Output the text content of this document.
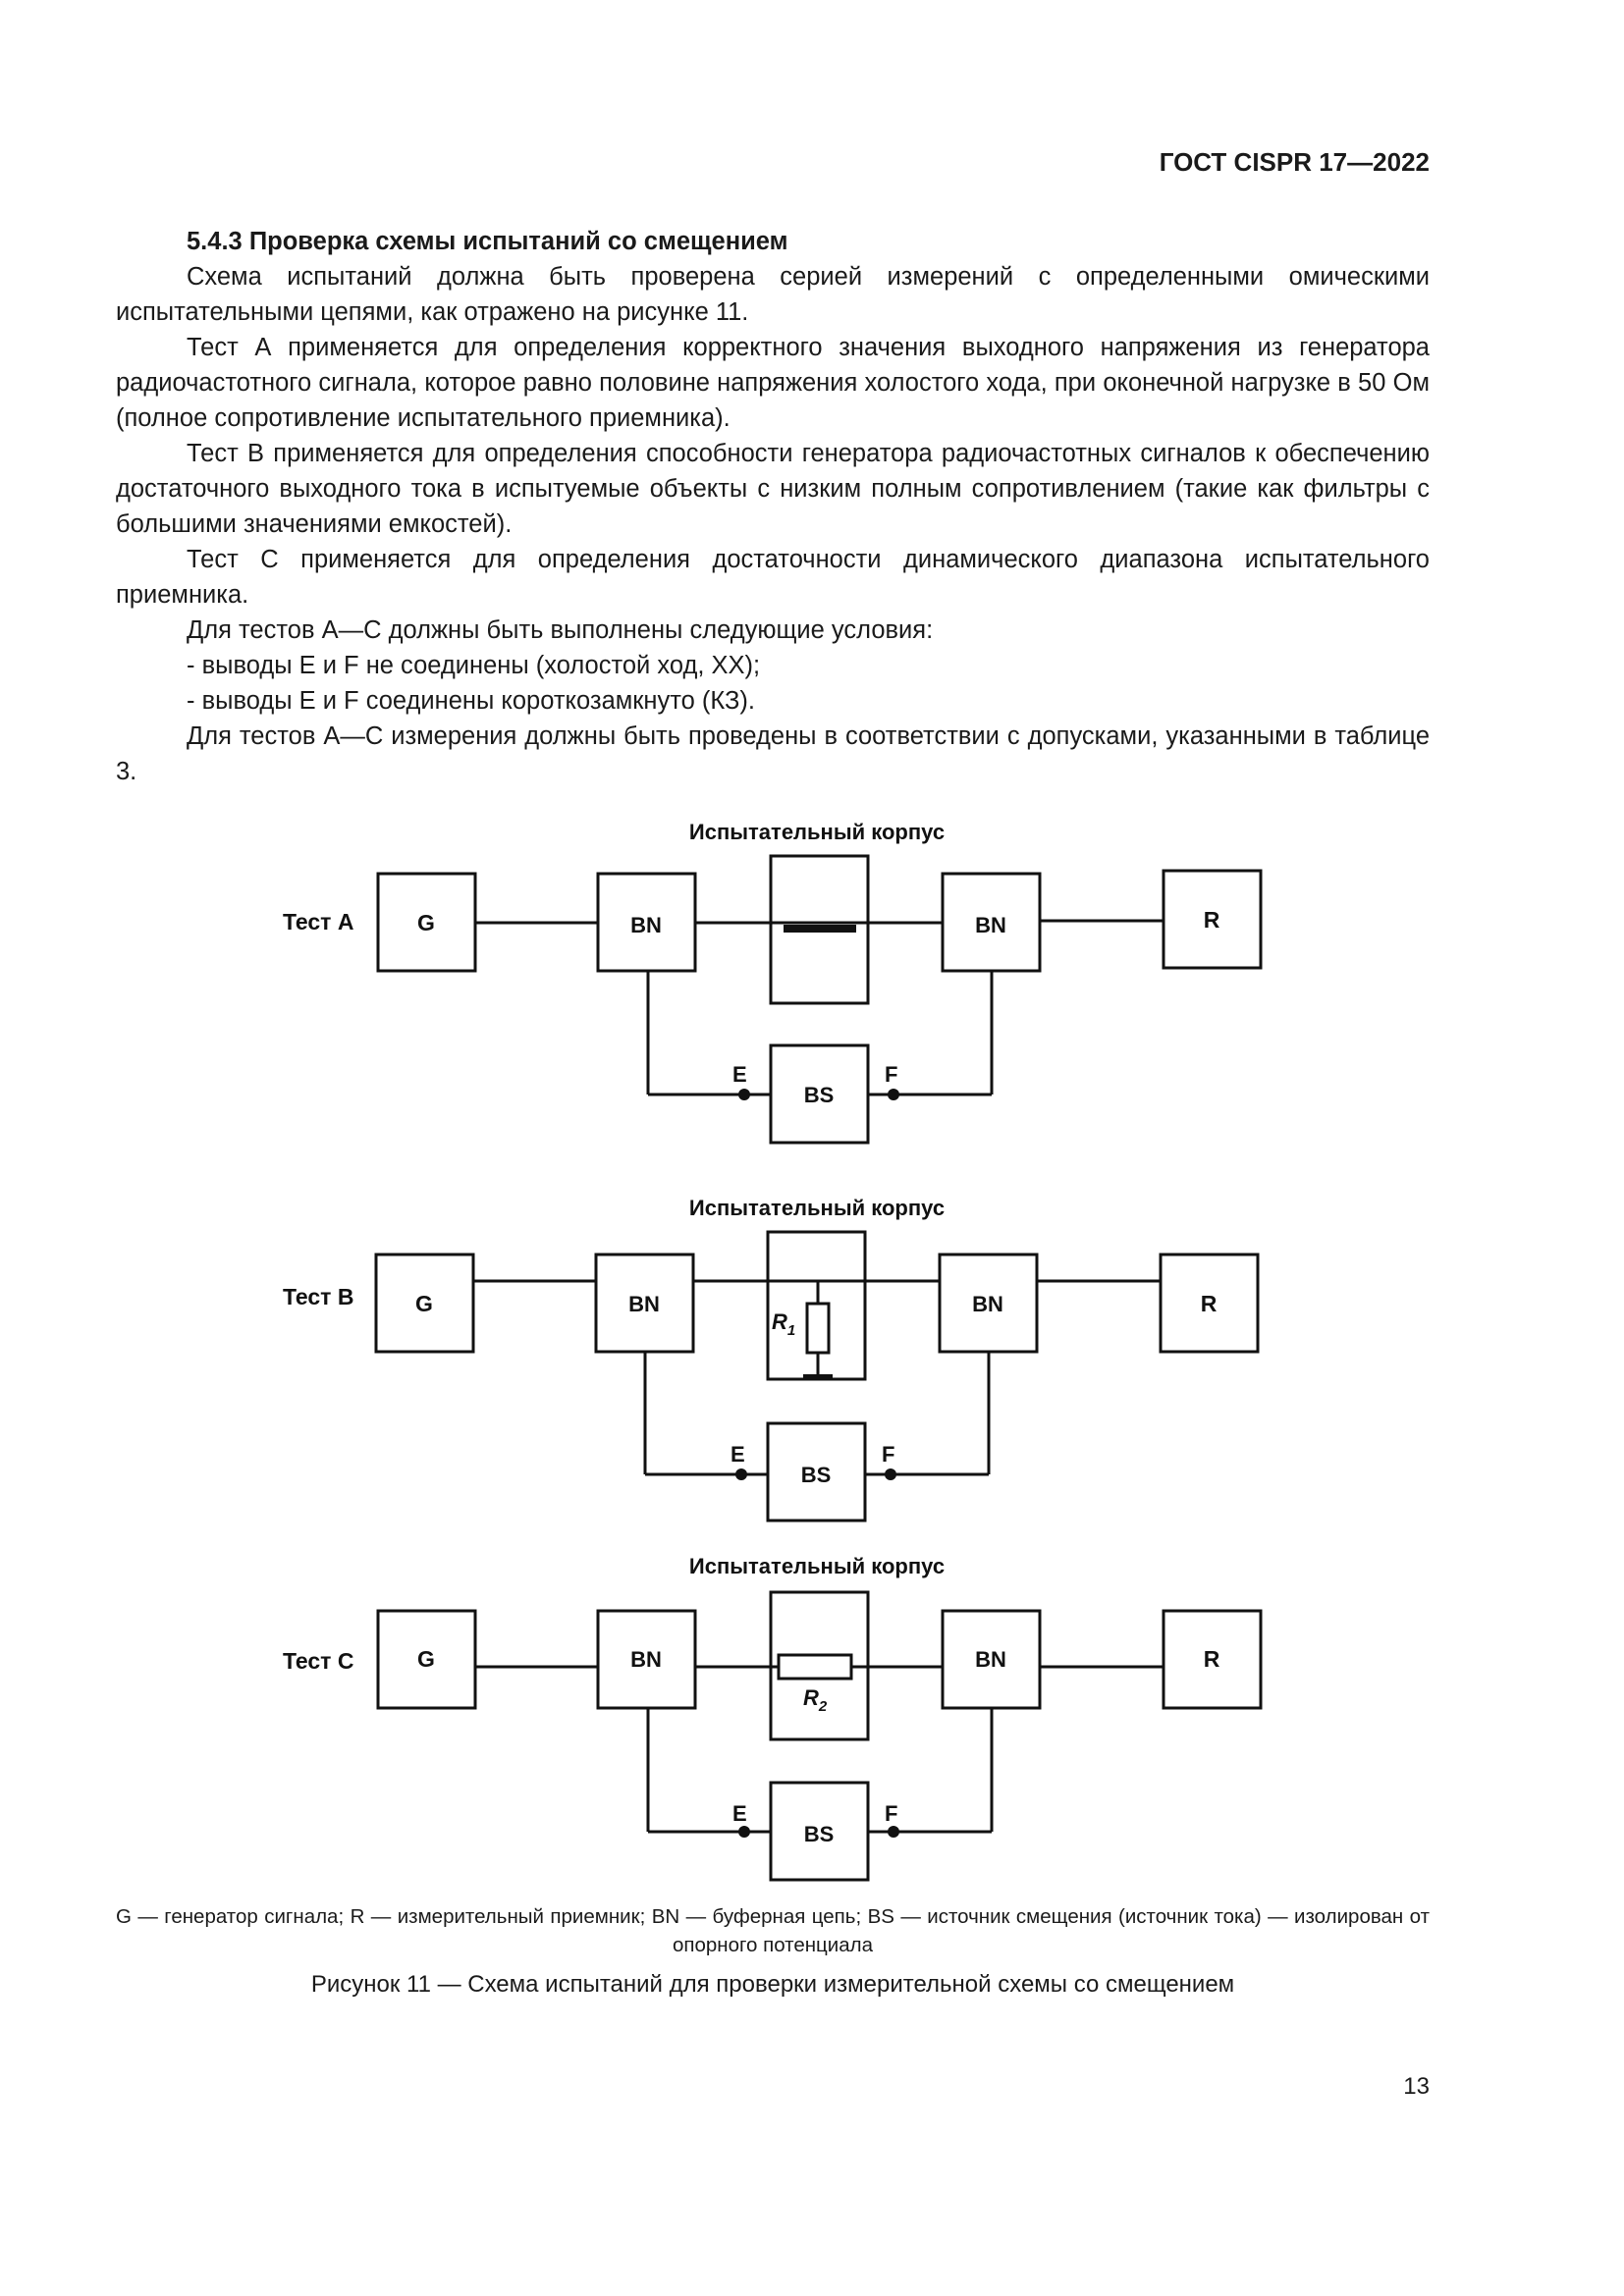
ГОСТ CISPR 17—2022

5.4.3 Проверка схемы испытаний со смещением

Схема испытаний должна быть проверена серией измерений с определенными омическими испытательными цепями, как отражено на рисунке 11.

Тест А применяется для определения корректного значения выходного напряжения из генератора радиочастотного сигнала, которое равно половине напряжения холостого хода, при оконечной нагрузке в 50 Ом (полное сопротивление испытательного приемника).

Тест В применяется для определения способности генератора радиочастотных сигналов к обеспечению достаточного выходного тока в испытуемые объекты с низким полным сопротивлением (такие как фильтры с большими значениями емкостей).

Тест С применяется для определения достаточности динамического диапазона испытательного приемника.

Для тестов А—С должны быть выполнены следующие условия:

- выводы E и F не соединены (холостой ход, XX);

- выводы E и F соединены короткозамкнуто (КЗ).

Для тестов А—С измерения должны быть проведены в соответствии с допусками, указанными в таблице 3.

Испытательный корпус
Тест А	G	BN	BN	R
BS
E	F
Испытательный корпус
Тест В	G	BN	BN	R
BS
E	F
$R_1$
Испытательный корпус
Тест С	G	BN	BN	R
BS
E	F
$R_2$
G — генератор сигнала; R — измерительный приемник; BN — буферная цепь; BS — источник смещения (источник тока) — изолирован от опорного потенциала
Рисунок 11 — Схема испытаний для проверки измерительной схемы со смещением
13
